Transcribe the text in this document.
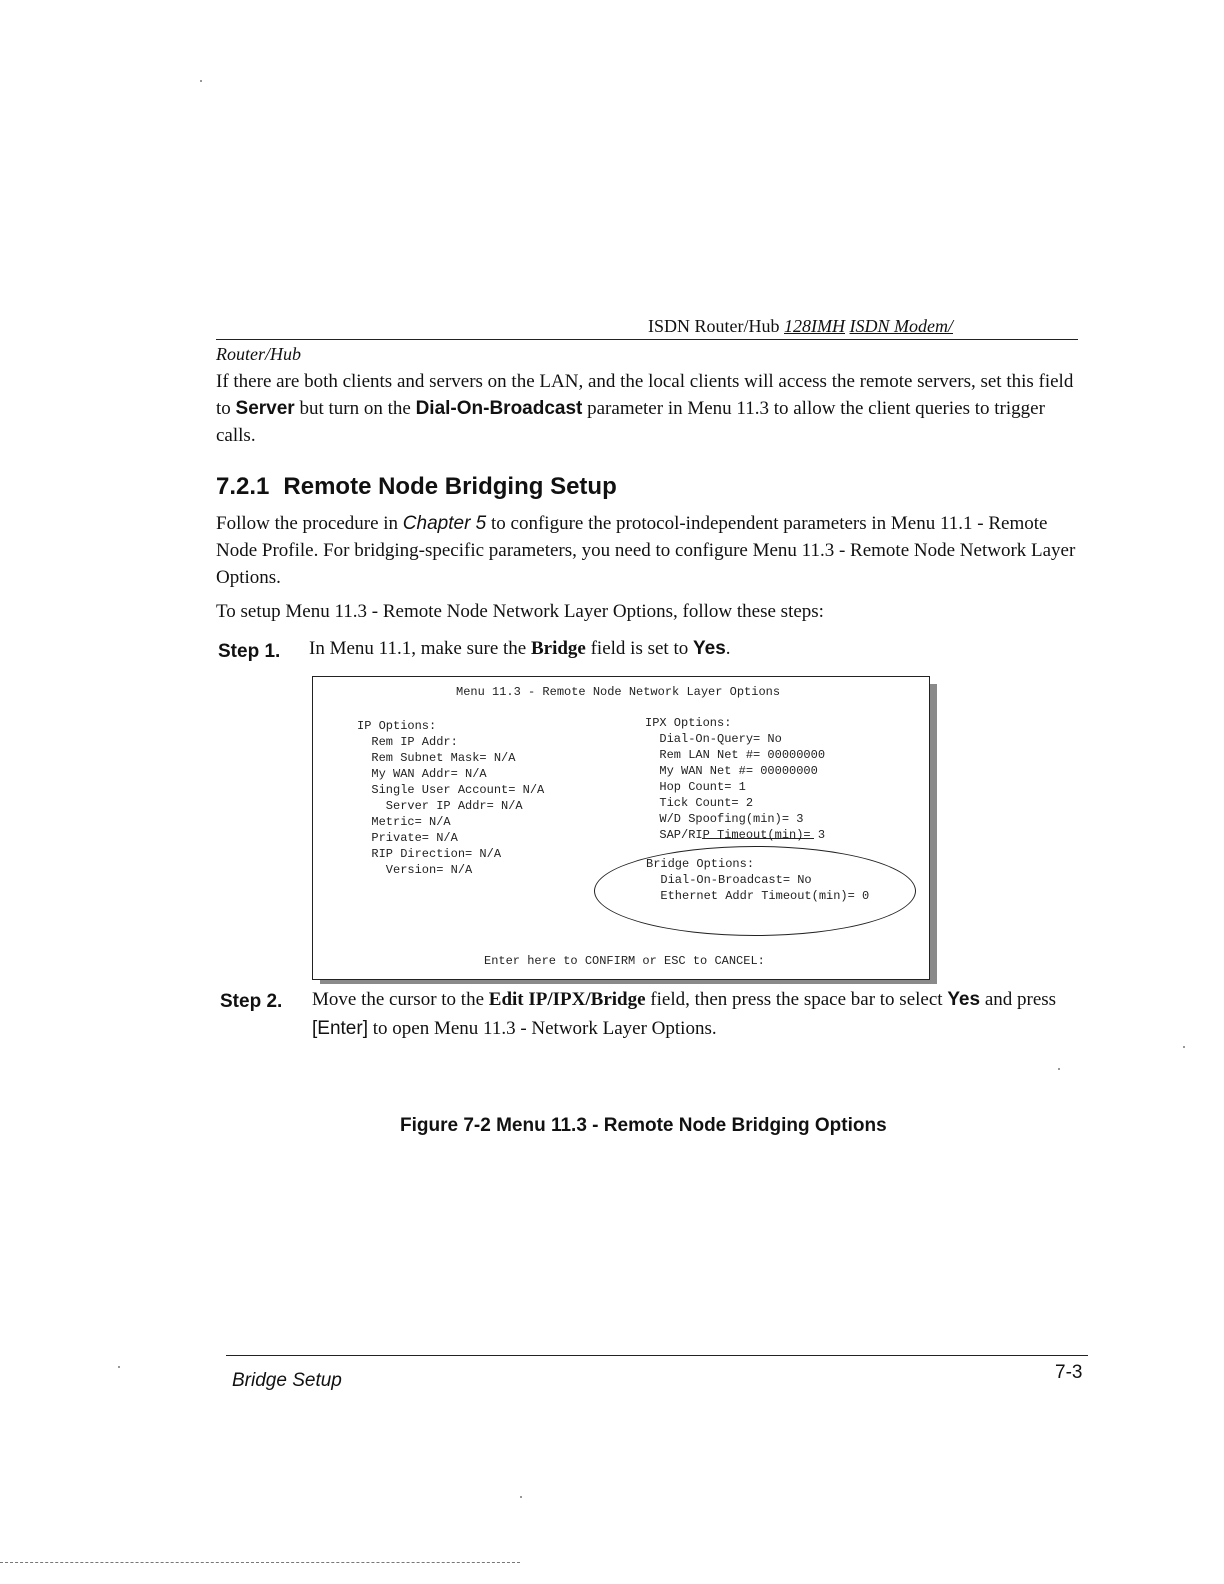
ISDN Router/Hub 128IMH ISDN Modem/
Router/Hub
If there are both clients and servers on the LAN, and the local clients will access the remote servers, set this field to Server but turn on the Dial-On-Broadcast parameter in Menu 11.3 to allow the client queries to trigger calls.
7.2.1 Remote Node Bridging Setup
Follow the procedure in Chapter 5 to configure the protocol-independent parameters in Menu 11.1 - Remote Node Profile. For bridging-specific parameters, you need to configure Menu 11.3 - Remote Node Network Layer Options.
To setup Menu 11.3 - Remote Node Network Layer Options, follow these steps:
Step 1. In Menu 11.1, make sure the Bridge field is set to Yes.
Menu 11.3 - Remote Node Network Layer Options
IP Options:
Rem IP Addr:
Rem Subnet Mask= N/A
My WAN Addr= N/A
Single User Account= N/A
Server IP Addr= N/A
Metric= N/A
Private= N/A
RIP Direction= N/A
Version= N/A
IPX Options:
Dial-On-Query= No
Rem LAN Net #= 00000000
My WAN Net #= 00000000
Hop Count= 1
Tick Count= 2
W/D Spoofing(min)= 3
SAP/RIP Timeout(min)= 3
Bridge Options:
Dial-On-Broadcast= No
Ethernet Addr Timeout(min)= 0
Enter here to CONFIRM or ESC to CANCEL:
Step 2. Move the cursor to the Edit IP/IPX/Bridge field, then press the space bar to select Yes and press [Enter] to open Menu 11.3 - Network Layer Options.
Figure 7-2 Menu 11.3 - Remote Node Bridging Options
Bridge Setup	7-3
